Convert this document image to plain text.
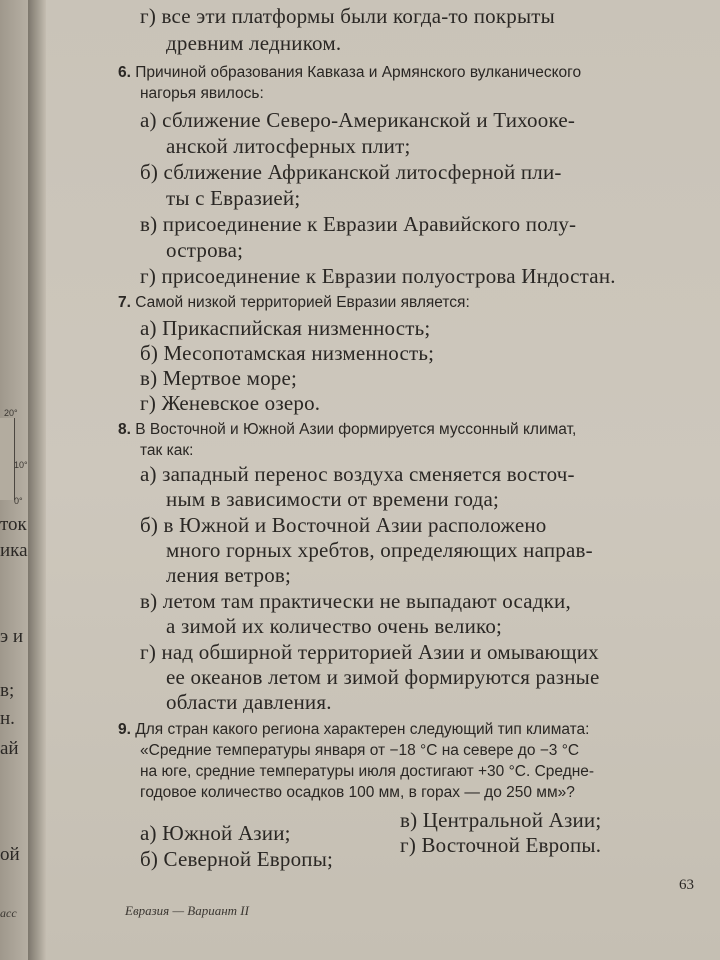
20°
10°
0°
ток
ика
э и
в;
н.
ай
ой
асс
г) все эти платформы были когда-то покрыты
древним ледником.
6. Причиной образования Кавказа и Армянского вулканического
нагорья явилось:
а) сближение Северо-Американской и Тихооке-
анской литосферных плит;
б) сближение Африканской литосферной пли-
ты с Евразией;
в) присоединение к Евразии Аравийского полу-
острова;
г) присоединение к Евразии полуострова Индостан.
7. Самой низкой территорией Евразии является:
а) Прикаспийская низменность;
б) Месопотамская низменность;
в) Мертвое море;
г) Женевское озеро.
8. В Восточной и Южной Азии формируется муссонный климат,
так как:
а) западный перенос воздуха сменяется восточ-
ным в зависимости от времени года;
б) в Южной и Восточной Азии расположено
много горных хребтов, определяющих направ-
ления ветров;
в) летом там практически не выпадают осадки,
а зимой их количество очень велико;
г) над обширной территорией Азии и омывающих
ее океанов летом и зимой формируются разные
области давления.
9. Для стран какого региона характерен следующий тип климата:
«Средние температуры января от −18 °С на севере до −3 °С
на юге, средние температуры июля достигают +30 °С. Средне-
годовое количество осадков 100 мм, в горах — до 250 мм»?
а) Южной Азии;
б) Северной Европы;
в) Центральной Азии;
г) Восточной Европы.
63
Евразия — Вариант II
